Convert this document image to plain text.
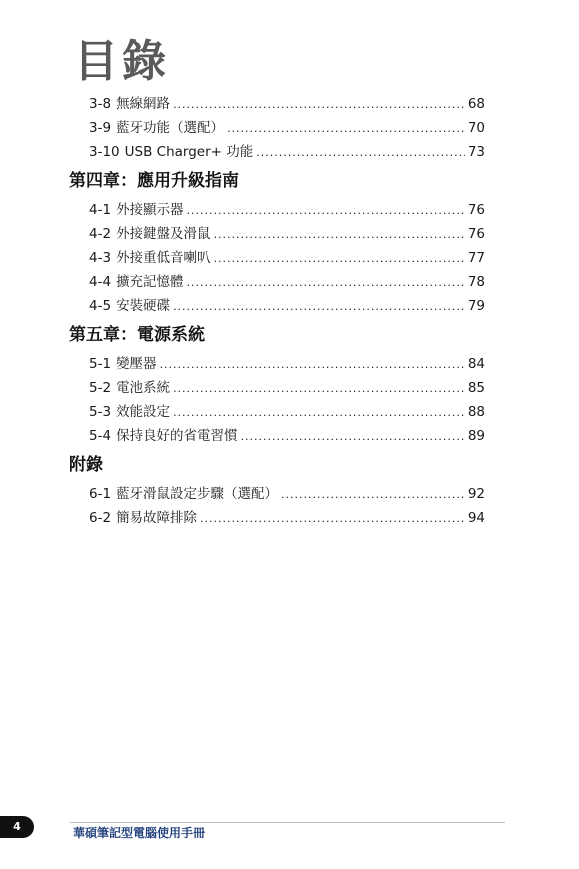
目錄
3-8 無線網路 .....	68
3-9 藍牙功能（選配） .....	70
3-10 USB Charger+ 功能 .....	73
第四章：應用升級指南
4-1 外接顯示器 .....	76
4-2 外接鍵盤及滑鼠 .....	76
4-3 外接重低音喇叭 .....	77
4-4 擴充記憶體 .....	78
4-5 安裝硬碟 .....	79
第五章：電源系統
5-1 變壓器 .....	84
5-2 電池系統 .....	85
5-3 效能設定 .....	88
5-4 保持良好的省電習慣 .....	89
附錄
6-1 藍牙滑鼠設定步驟（選配） .....	92
6-2 簡易故障排除 .....	94
4	華碩筆記型電腦使用手冊
